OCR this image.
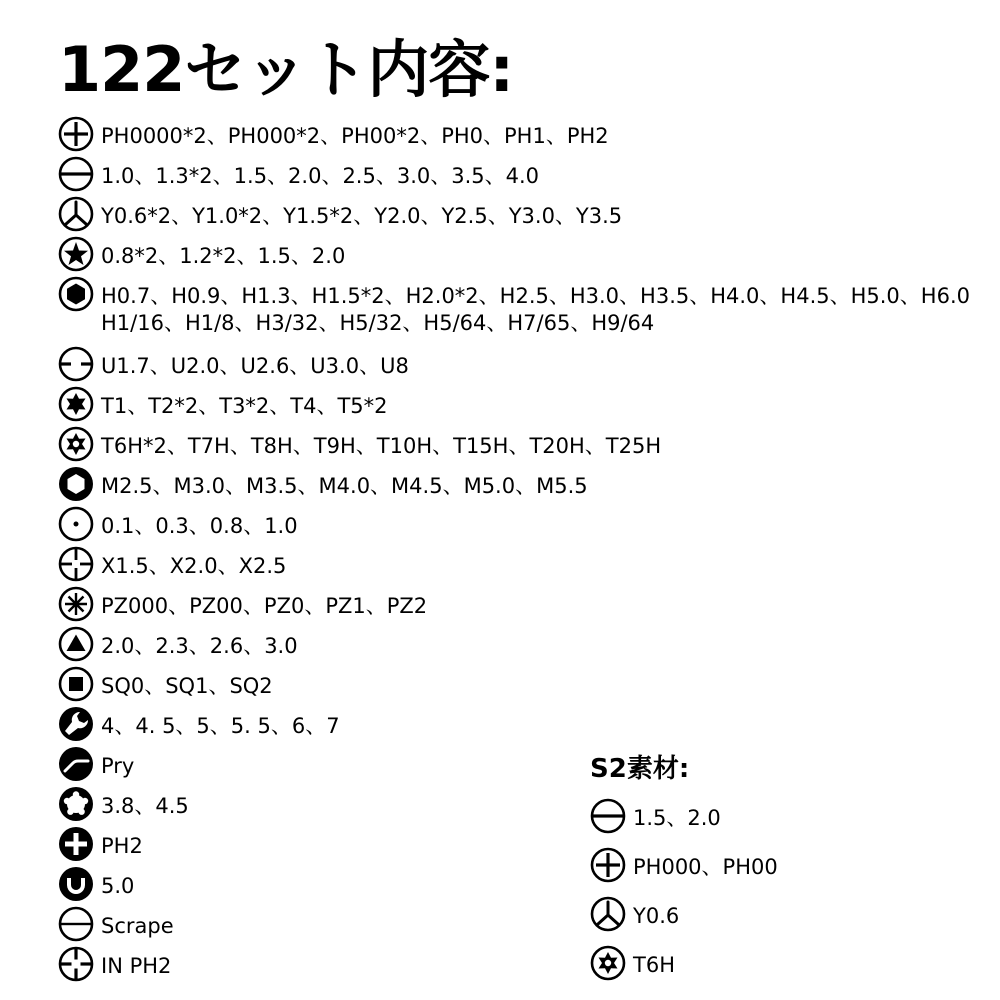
122セット内容:
PH0000*2、PH000*2、PH00*2、PH0、PH1、PH2
1.0、1.3*2、1.5、2.0、2.5、3.0、3.5、4.0
Y0.6*2、Y1.0*2、Y1.5*2、Y2.0、Y2.5、Y3.0、Y3.5
0.8*2、1.2*2、1.5、2.0
H0.7、H0.9、H1.3、H1.5*2、H2.0*2、H2.5、H3.0、H3.5、H4.0、H4.5、H5.0、H6.0
H1/16、H1/8、H3/32、H5/32、H5/64、H7/65、H9/64
U1.7、U2.0、U2.6、U3.0、U8
T1、T2*2、T3*2、T4、T5*2
T6H*2、T7H、T8H、T9H、T10H、T15H、T20H、T25H
M2.5、M3.0、M3.5、M4.0、M4.5、M5.0、M5.5
0.1、0.3、0.8、1.0
X1.5、X2.0、X2.5
PZ000、PZ00、PZ0、PZ1、PZ2
2.0、2.3、2.6、3.0
SQ0、SQ1、SQ2
4、4. 5、5、5. 5、6、7
Pry
3.8、4.5
PH2
5.0
Scrape
IN PH2
S2素材:
1.5、2.0
PH000、PH00
Y0.6
T6H
